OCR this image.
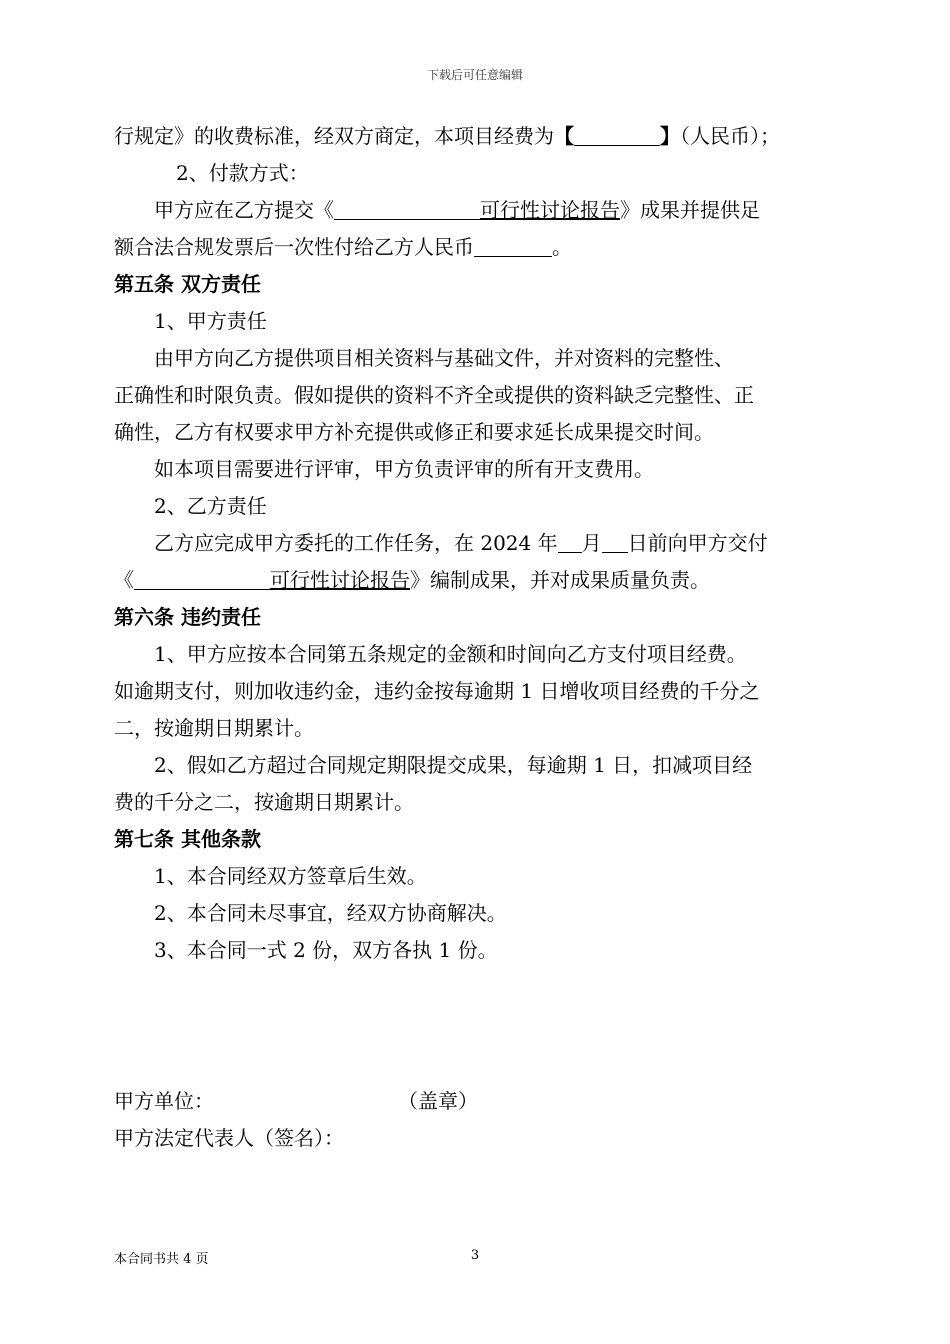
下载后可任意编辑

行规定》的收费标准，经双方商定，本项目经费为【	】（人民币）；

2、付款方式：

甲方应在乙方提交《	可行性讨论报告》成果并提供足

额合法合规发票后一次性付给乙方人民币	。

第五条 双方责任

1、甲方责任

由甲方向乙方提供项目相关资料与基础文件，并对资料的完整性、

正确性和时限负责。假如提供的资料不齐全或提供的资料缺乏完整性、正

确性，乙方有权要求甲方补充提供或修正和要求延长成果提交时间。

如本项目需要进行评审，甲方负责评审的所有开支费用。

2、乙方责任

乙方应完成甲方委托的工作任务，在 2024 年 月 日前向甲方交付

《	可行性讨论报告》编制成果，并对成果质量负责。

第六条 违约责任

1、甲方应按本合同第五条规定的金额和时间向乙方支付项目经费。

如逾期支付，则加收违约金，违约金按每逾期 1 日增收项目经费的千分之

二，按逾期日期累计。

2、假如乙方超过合同规定期限提交成果，每逾期 1 日，扣减项目经

费的千分之二，按逾期日期累计。

第七条 其他条款

1、本合同经双方签章后生效。

2、本合同未尽事宜，经双方协商解决。

3、本合同一式 2 份，双方各执 1 份。

甲方单位：	（盖章）
甲方法定代表人（签名）：
本合同书共 4 页	3
